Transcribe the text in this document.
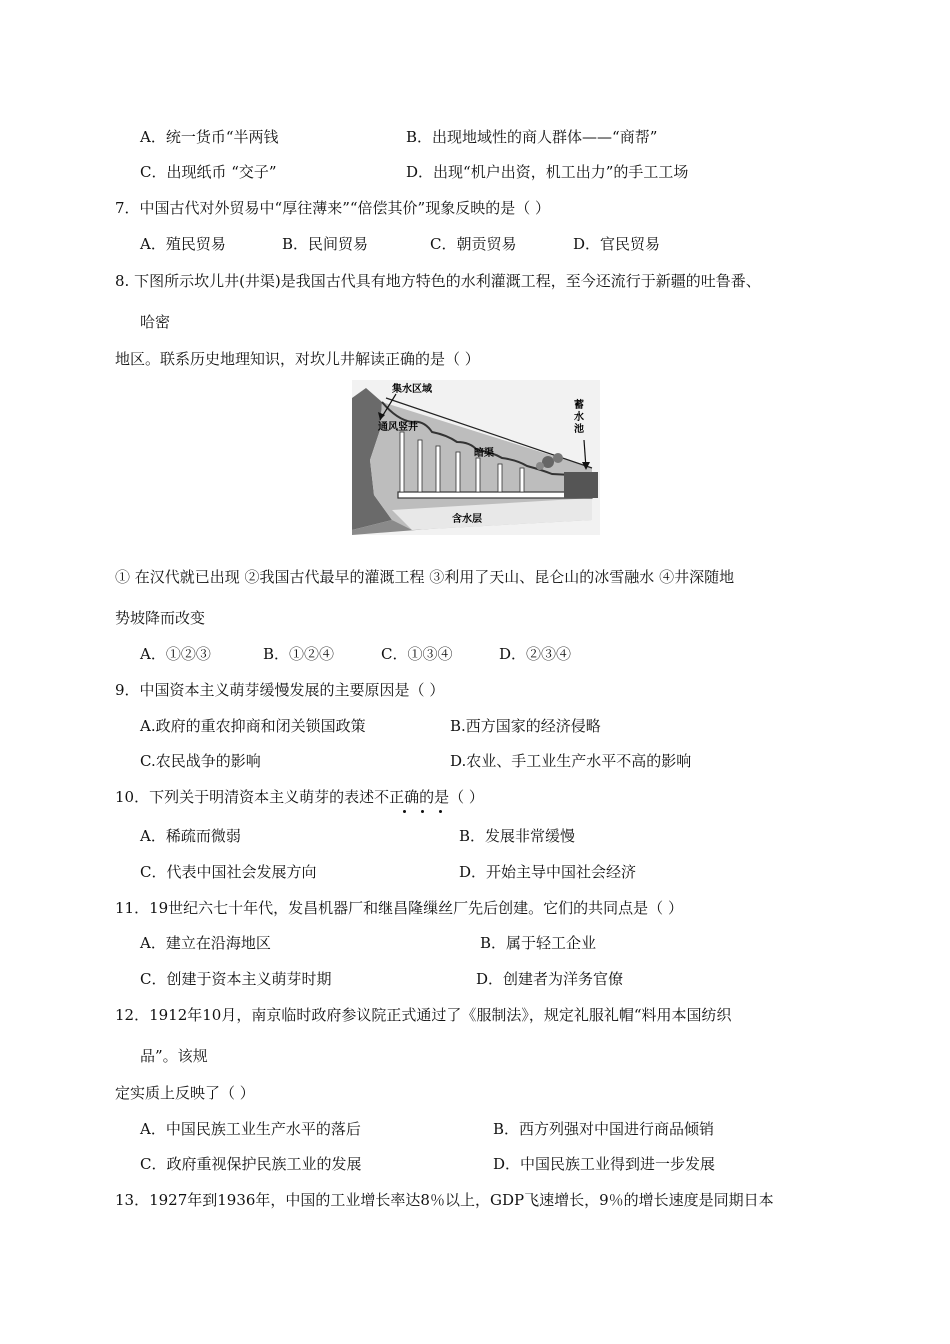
A．统一货币“半两钱	B．出现地域性的商人群体——“商帮”
C．出现纸币 “交子”	D．出现“机户出资，机工出力”的手工工场
7．中国古代对外贸易中“厚往薄来”“倍偿其价”现象反映的是（ ）
A．殖民贸易	B．民间贸易	C．朝贡贸易	D．官民贸易
8. 下图所示坎儿井(井渠)是我国古代具有地方特色的水利灌溉工程，至今还流行于新疆的吐鲁番、
哈密
地区。联系历史地理知识，对坎儿井解读正确的是（ ）
集水区域
通风竖井
暗渠
含水层
蓄 水 池
① 在汉代就已出现 ②我国古代最早的灌溉工程 ③利用了天山、昆仑山的冰雪融水 ④井深随地
势坡降而改变
A．①②③	B．①②④	C．①③④	D．②③④
9．中国资本主义萌芽缓慢发展的主要原因是（ ）
A.政府的重农抑商和闭关锁国政策	B.西方国家的经济侵略
C.农民战争的影响	D.农业、手工业生产水平不高的影响
10．下列关于明清资本主义萌芽的表述不正确的是（ ）
A．稀疏而微弱	B．发展非常缓慢
C．代表中国社会发展方向	D．开始主导中国社会经济
11．19世纪六七十年代，发昌机器厂和继昌隆缫丝厂先后创建。它们的共同点是（ ）
A．建立在沿海地区	B．属于轻工企业
C．创建于资本主义萌芽时期	D．创建者为洋务官僚
12．1912年10月，南京临时政府参议院正式通过了《服制法》，规定礼服礼帽“料用本国纺织
品”。该规
定实质上反映了（ ）
A．中国民族工业生产水平的落后	B．西方列强对中国进行商品倾销
C．政府重视保护民族工业的发展	D．中国民族工业得到进一步发展
13．1927年到1936年，中国的工业增长率达8％以上，GDP飞速增长，9％的增长速度是同期日本
